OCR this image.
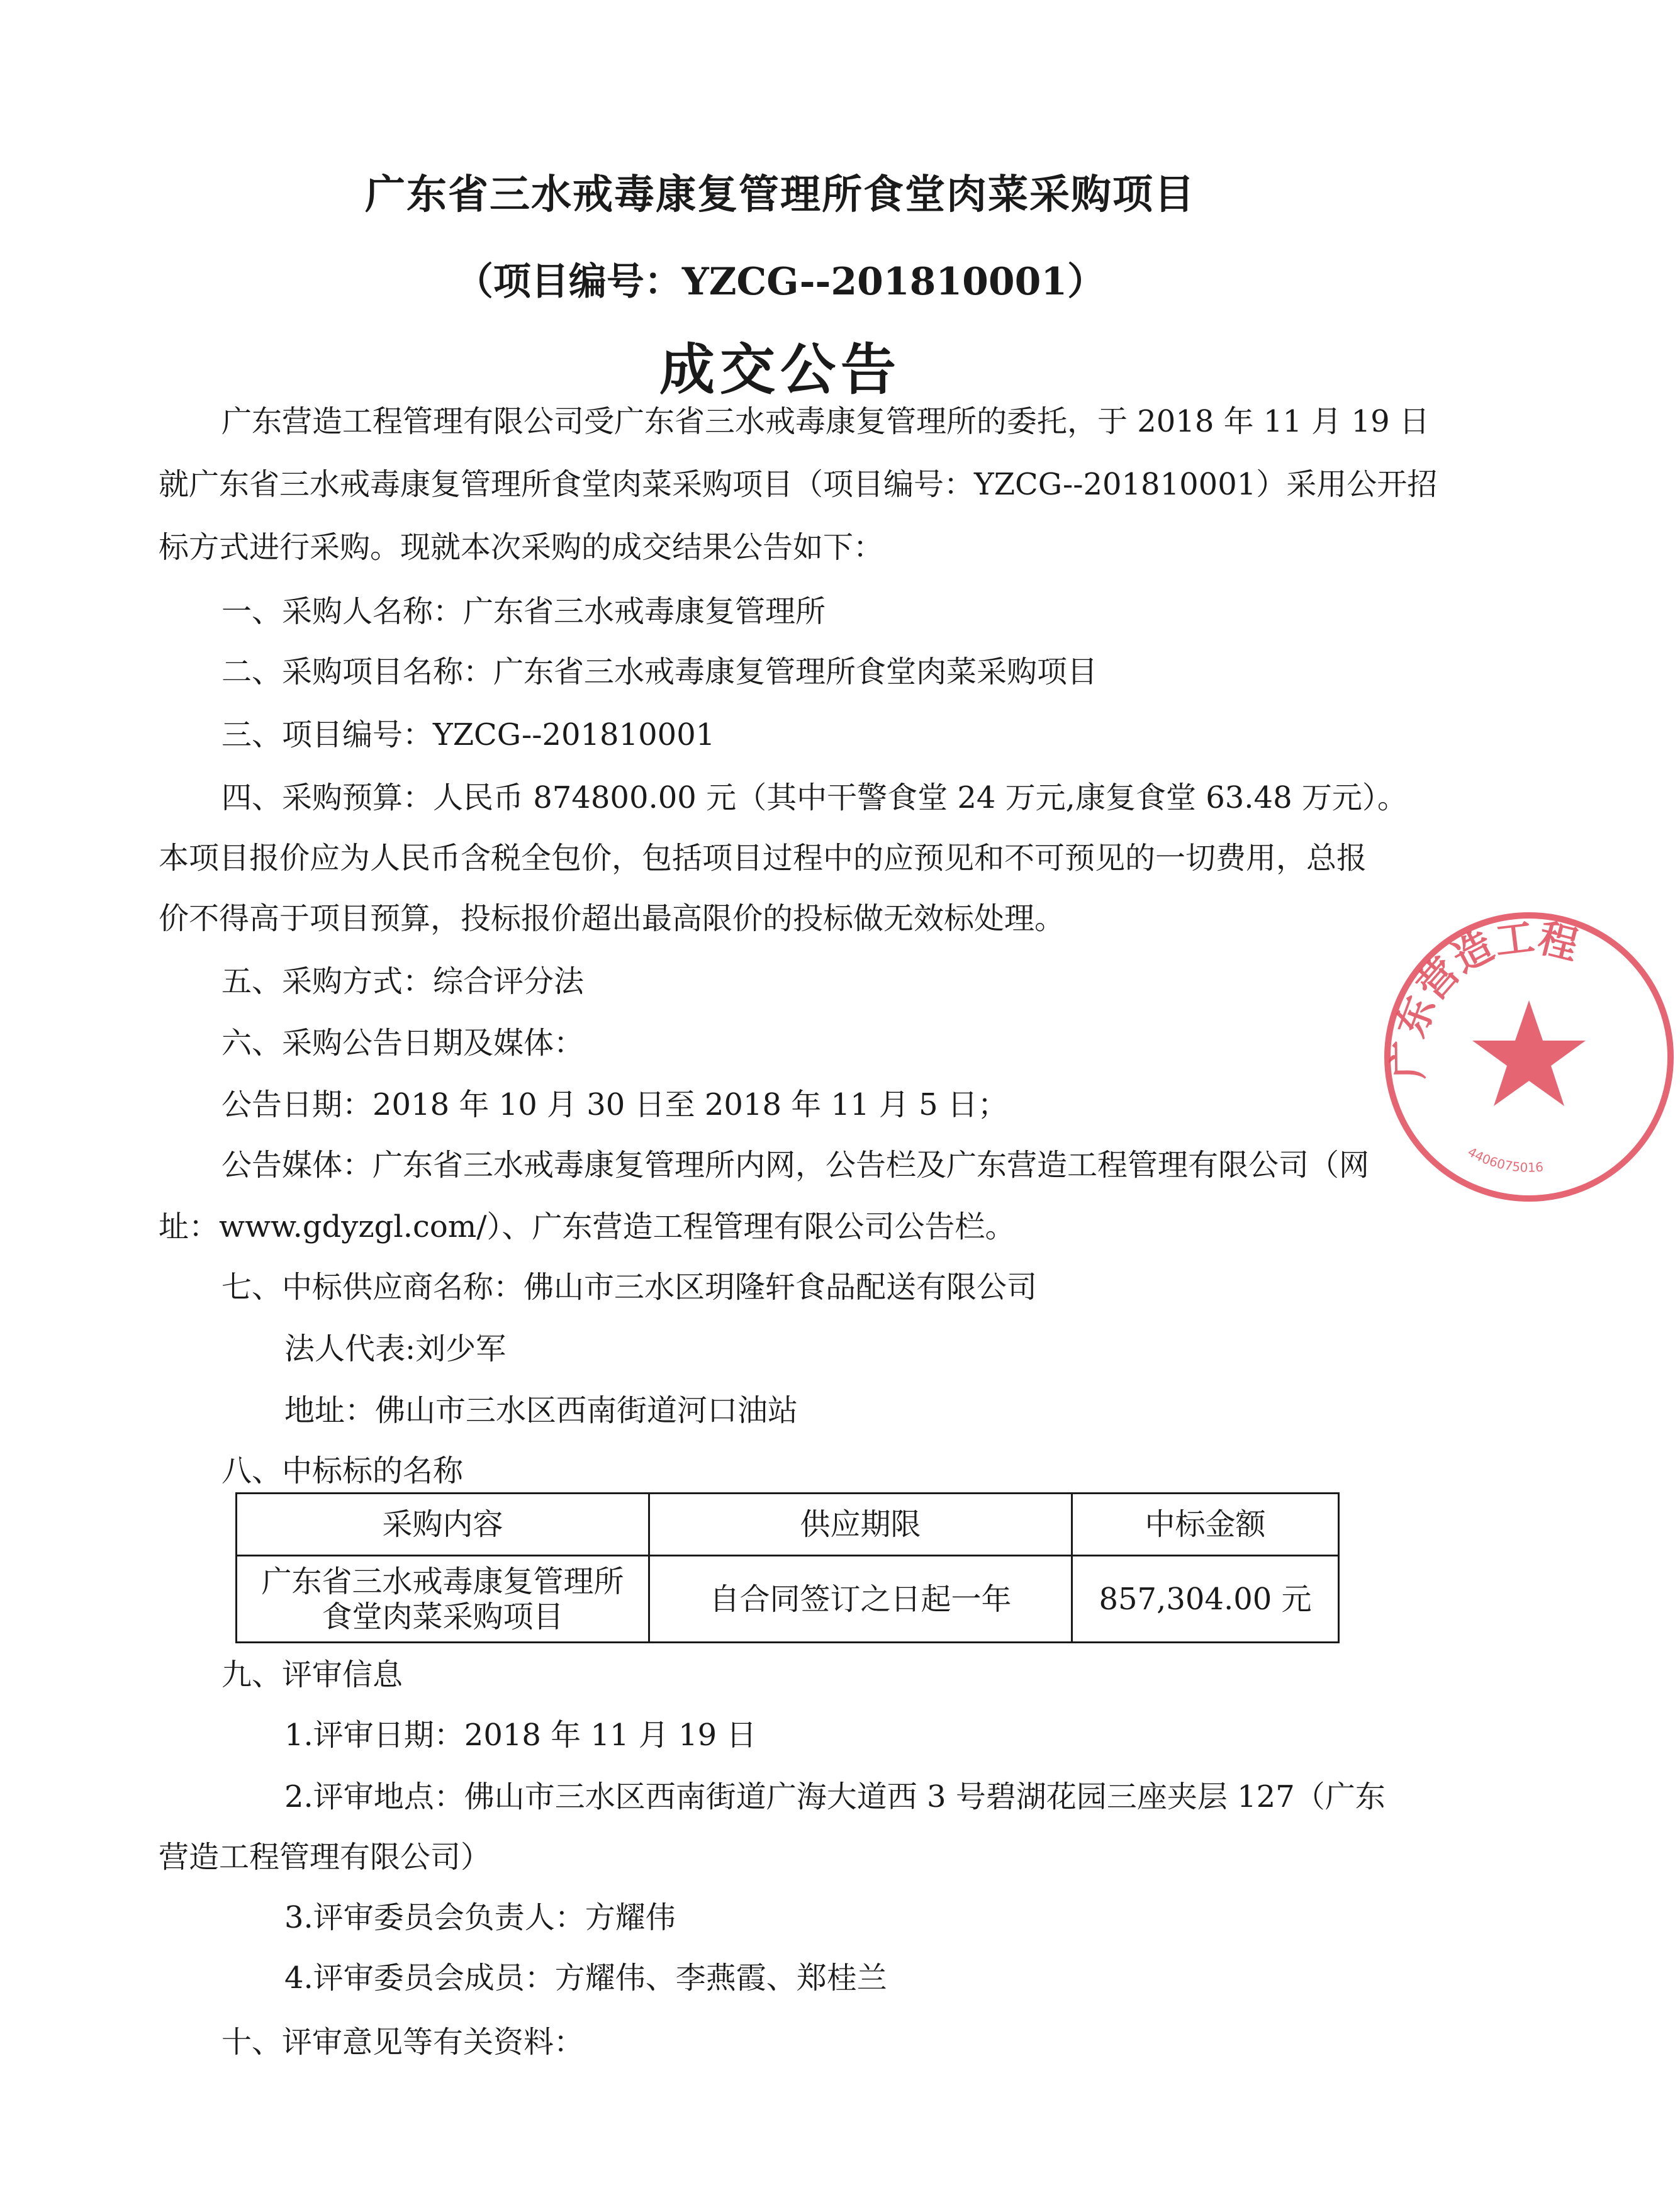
广东省三水戒毒康复管理所食堂肉菜采购项目
（项目编号：YZCG--201810001）
成交公告
广东营造工程管理有限公司受广东省三水戒毒康复管理所的委托，于 2018 年 11 月 19 日
就广东省三水戒毒康复管理所食堂肉菜采购项目（项目编号：YZCG--201810001）采用公开招
标方式进行采购。现就本次采购的成交结果公告如下：
一、采购人名称：广东省三水戒毒康复管理所
二、采购项目名称：广东省三水戒毒康复管理所食堂肉菜采购项目
三、项目编号：YZCG--201810001
四、采购预算：人民币 874800.00 元（其中干警食堂 24 万元,康复食堂 63.48 万元）。
本项目报价应为人民币含税全包价，包括项目过程中的应预见和不可预见的一切费用，总报
价不得高于项目预算，投标报价超出最高限价的投标做无效标处理。
五、采购方式：综合评分法
六、采购公告日期及媒体：
公告日期：2018 年 10 月 30 日至 2018 年 11 月 5 日；
公告媒体：广东省三水戒毒康复管理所内网，公告栏及广东营造工程管理有限公司（网
址：www.gdyzgl.com/）、广东营造工程管理有限公司公告栏。
七、中标供应商名称：佛山市三水区玥隆轩食品配送有限公司
法人代表:刘少军
地址：佛山市三水区西南街道河口油站
八、中标标的名称
采购内容	供应期限	中标金额

广东省三水戒毒康复管理所
食堂肉菜采购项目	自合同签订之日起一年	857,304.00 元
九、评审信息
1.评审日期：2018 年 11 月 19 日
2.评审地点：佛山市三水区西南街道广海大道西 3 号碧湖花园三座夹层 127（广东
营造工程管理有限公司）
3.评审委员会负责人：方耀伟
4.评审委员会成员：方耀伟、李燕霞、郑桂兰
十、评审意见等有关资料：
广东营造工程
4406075016
